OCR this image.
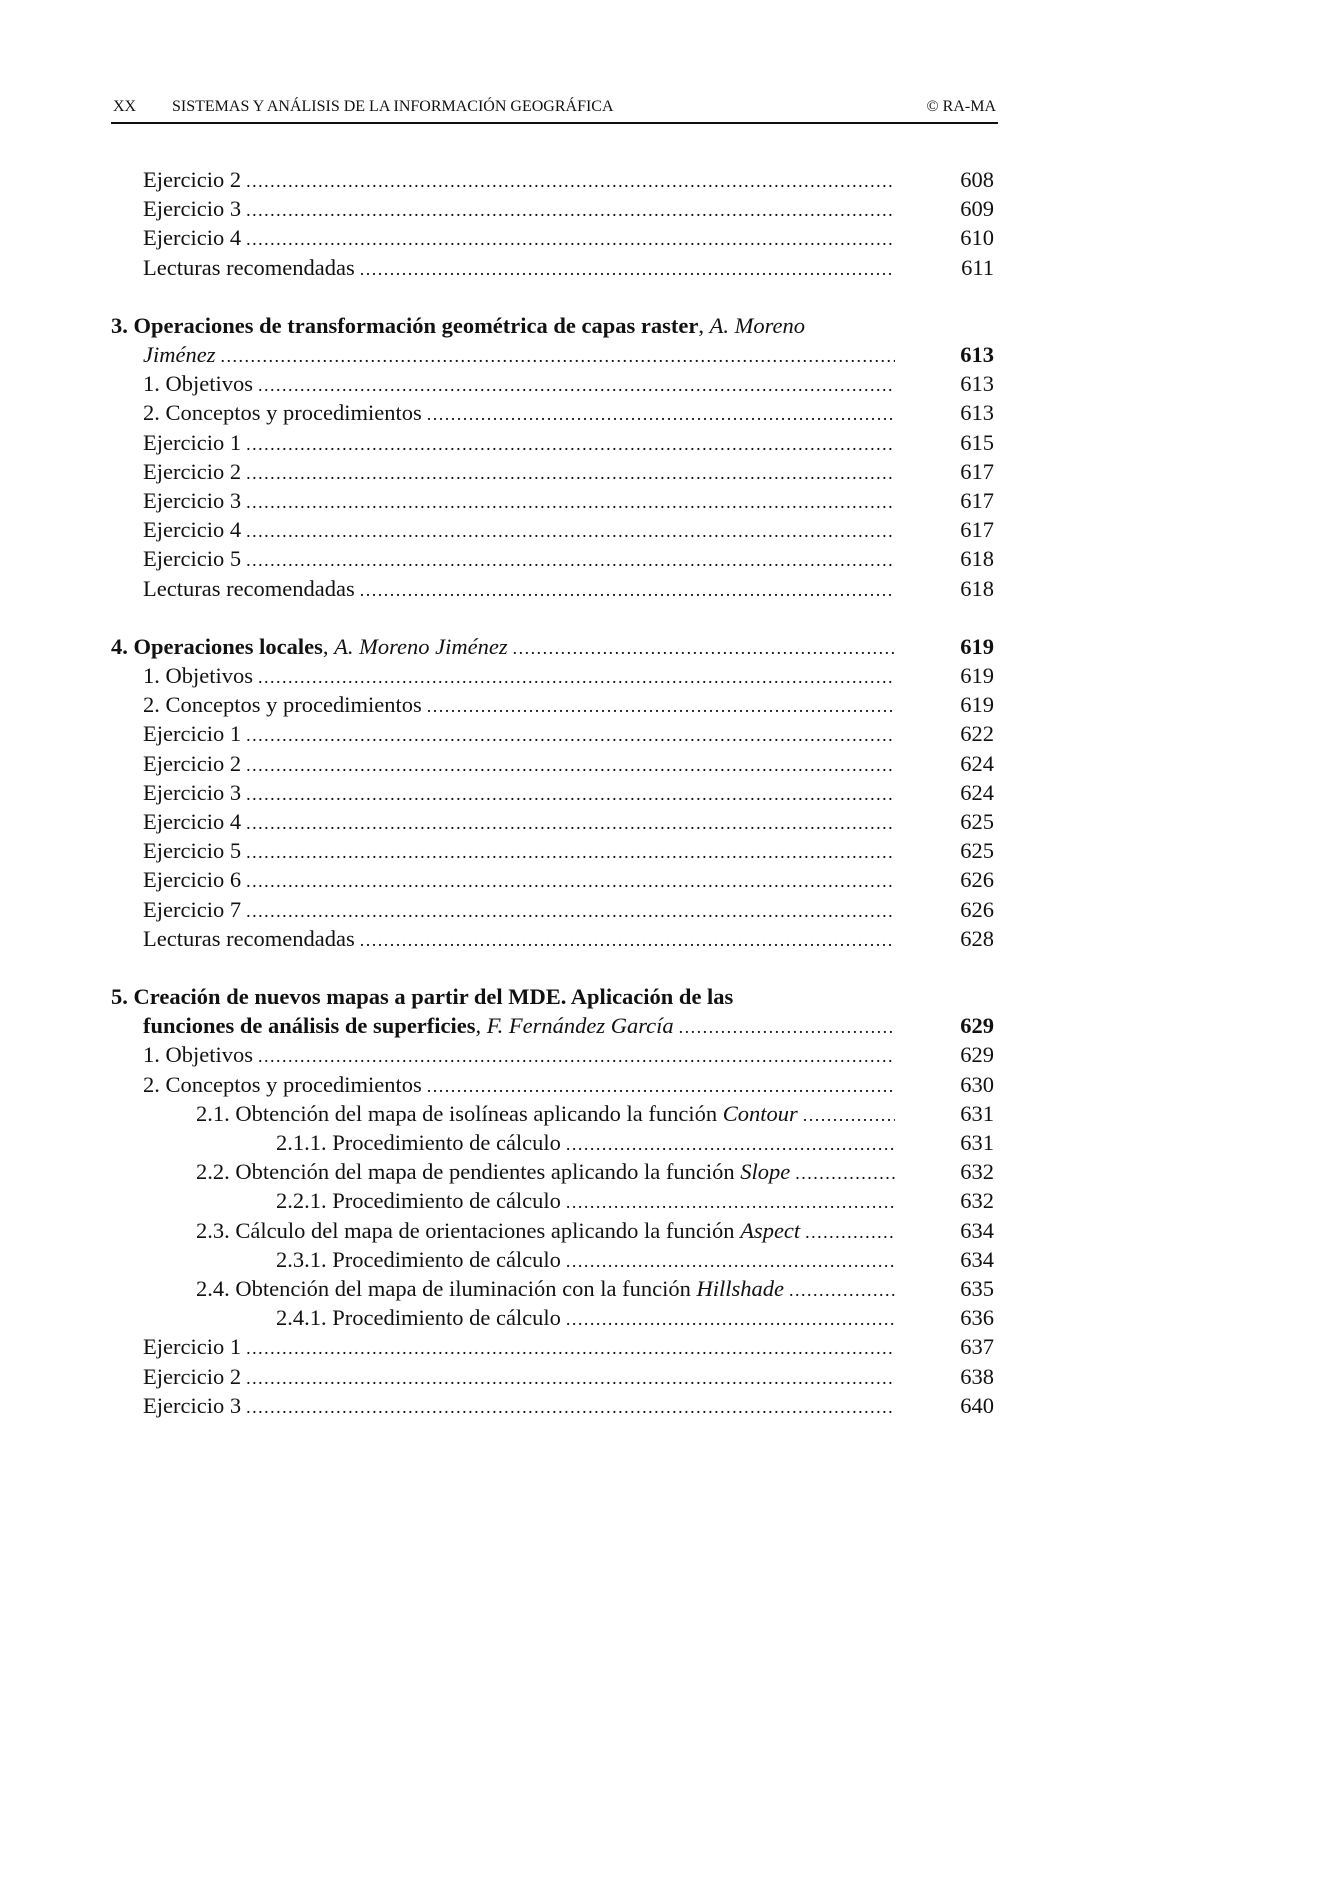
XX SISTEMAS Y ANÁLISIS DE LA INFORMACIÓN GEOGRÁFICA	© RA-MA
Ejercicio 2 .....	608
Ejercicio 3 .....	609
Ejercicio 4 .....	610
Lecturas recomendadas .....	611
3. Operaciones de transformación geométrica de capas raster, A. Moreno
Jiménez .....	613
1. Objetivos .....	613
2. Conceptos y procedimientos .....	613
Ejercicio 1 .....	615
Ejercicio 2 .....	617
Ejercicio 3 .....	617
Ejercicio 4 .....	617
Ejercicio 5 .....	618
Lecturas recomendadas .....	618
4. Operaciones locales, A. Moreno Jiménez .....	619
1. Objetivos .....	619
2. Conceptos y procedimientos .....	619
Ejercicio 1 .....	622
Ejercicio 2 .....	624
Ejercicio 3 .....	624
Ejercicio 4 .....	625
Ejercicio 5 .....	625
Ejercicio 6 .....	626
Ejercicio 7 .....	626
Lecturas recomendadas .....	628
5. Creación de nuevos mapas a partir del MDE. Aplicación de las
funciones de análisis de superficies, F. Fernández García .....	629
1. Objetivos .....	629
2. Conceptos y procedimientos .....	630
2.1. Obtención del mapa de isolíneas aplicando la función Contour .....	631
2.1.1. Procedimiento de cálculo .....	631
2.2. Obtención del mapa de pendientes aplicando la función Slope .....	632
2.2.1. Procedimiento de cálculo .....	632
2.3. Cálculo del mapa de orientaciones aplicando la función Aspect .....	634
2.3.1. Procedimiento de cálculo .....	634
2.4. Obtención del mapa de iluminación con la función Hillshade .....	635
2.4.1. Procedimiento de cálculo .....	636
Ejercicio 1 .....	637
Ejercicio 2 .....	638
Ejercicio 3 .....	640
